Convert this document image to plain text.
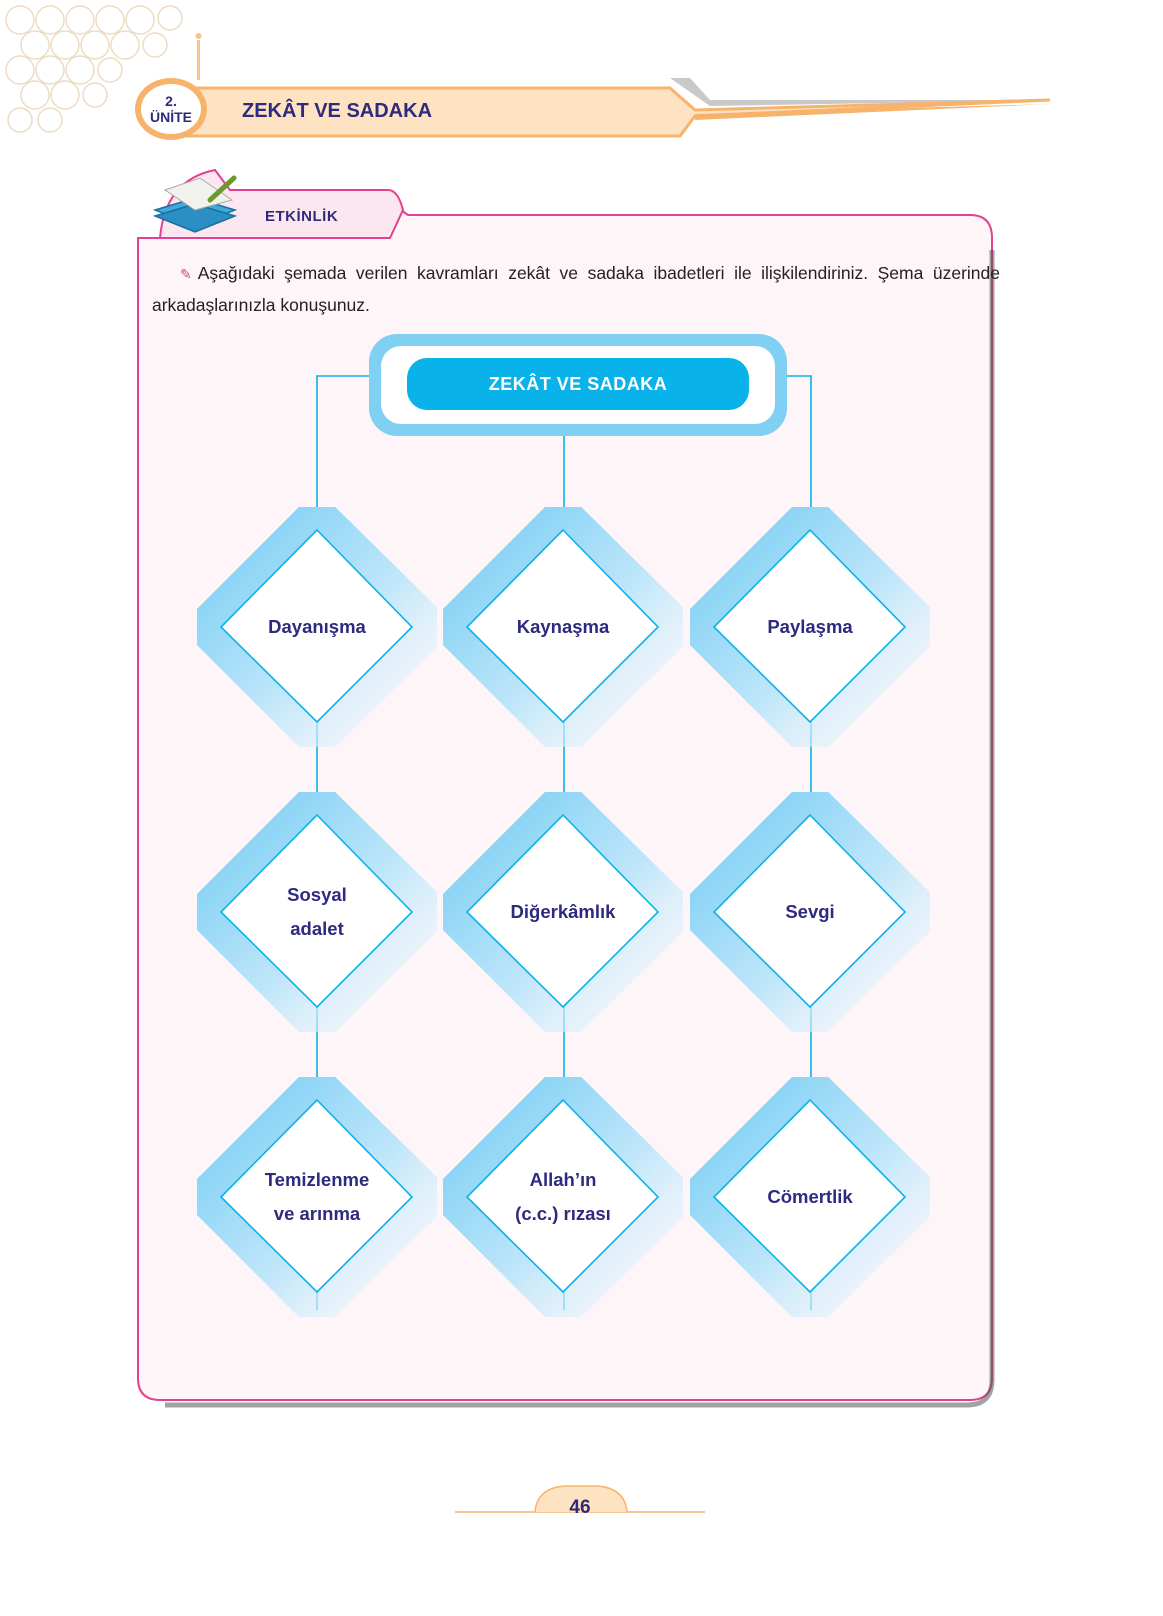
2.
ÜNİTE	ZEKÂT VE SADAKA
ETKİNLİK
✎ Aşağıdaki şemada verilen kavramları zekât ve sadaka ibadetleri ile ilişkilendiriniz. Şema üzerinde arkadaşlarınızla konuşunuz.
ZEKÂT VE SADAKA
Dayanışma	Kaynaşma	Paylaşma
Sosyal
adalet
Diğerkâmlık	Sevgi
Temizlenme
ve arınma
Allah’ın
(c.c.) rızası
Cömertlik
46
